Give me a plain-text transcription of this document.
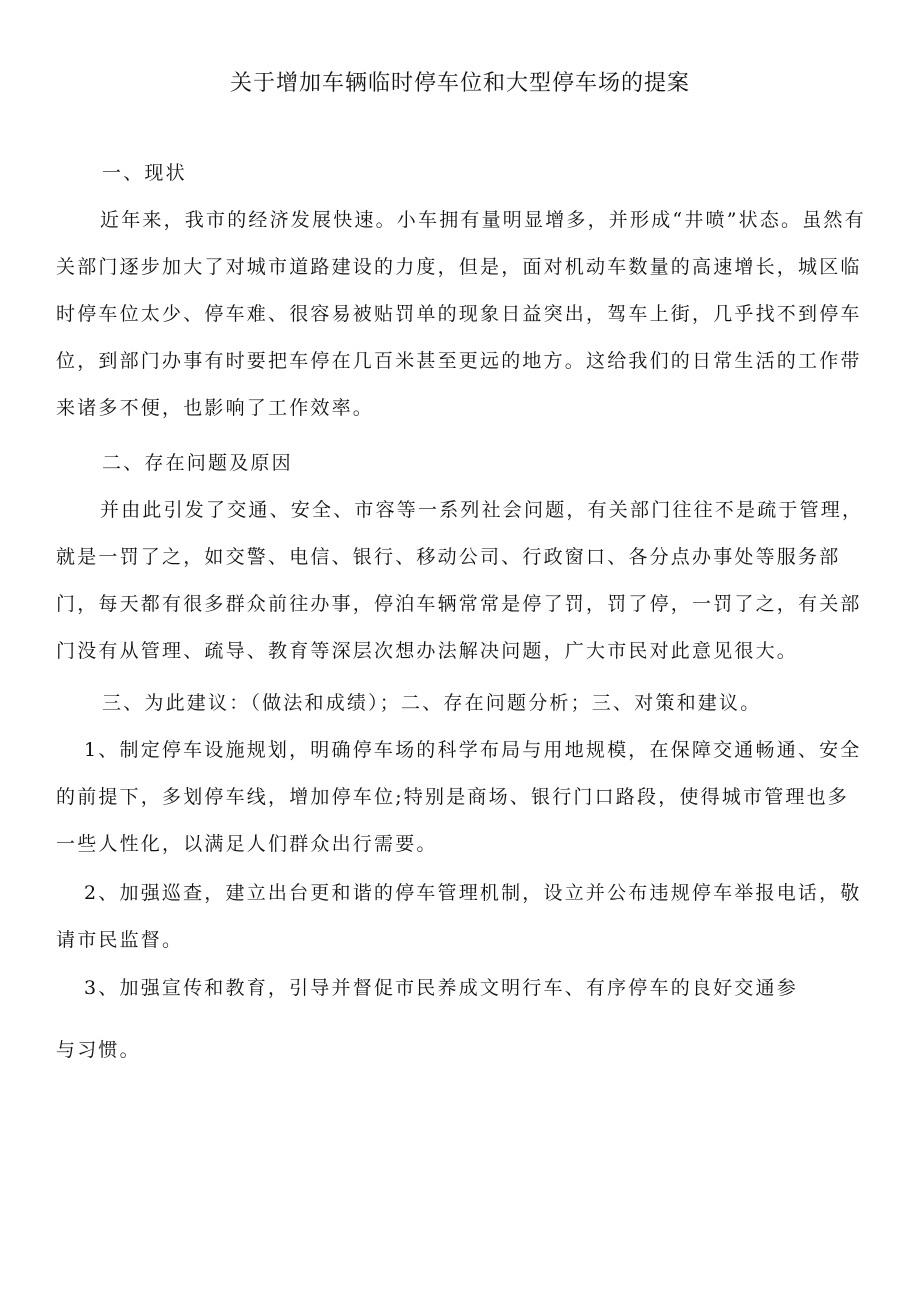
关于增加车辆临时停车位和大型停车场的提案
一、现状
近年来，我市的经济发展快速。小车拥有量明显增多，并形成“井喷”状态。虽然有关部门逐步加大了对城市道路建设的力度，但是，面对机动车数量的高速增长，城区临时停车位太少、停车难、很容易被贴罚单的现象日益突出，驾车上街，几乎找不到停车位，到部门办事有时要把车停在几百米甚至更远的地方。这给我们的日常生活的工作带来诸多不便，也影响了工作效率。
二、存在问题及原因
并由此引发了交通、安全、市容等一系列社会问题，有关部门往往不是疏于管理，就是一罚了之，如交警、电信、银行、移动公司、行政窗口、各分点办事处等服务部门，每天都有很多群众前往办事，停泊车辆常常是停了罚，罚了停，一罚了之，有关部门没有从管理、疏导、教育等深层次想办法解决问题，广大市民对此意见很大。
三、为此建议：（做法和成绩）；二、存在问题分析；三、对策和建议。
1、制定停车设施规划，明确停车场的科学布局与用地规模，在保障交通畅通、安全的前提下，多划停车线，增加停车位;特别是商场、银行门口路段，使得城市管理也多一些人性化，以满足人们群众出行需要。
2、加强巡查，建立出台更和谐的停车管理机制，设立并公布违规停车举报电话，敬请市民监督。
3、加强宣传和教育，引导并督促市民养成文明行车、有序停车的良好交通参
与习惯。
